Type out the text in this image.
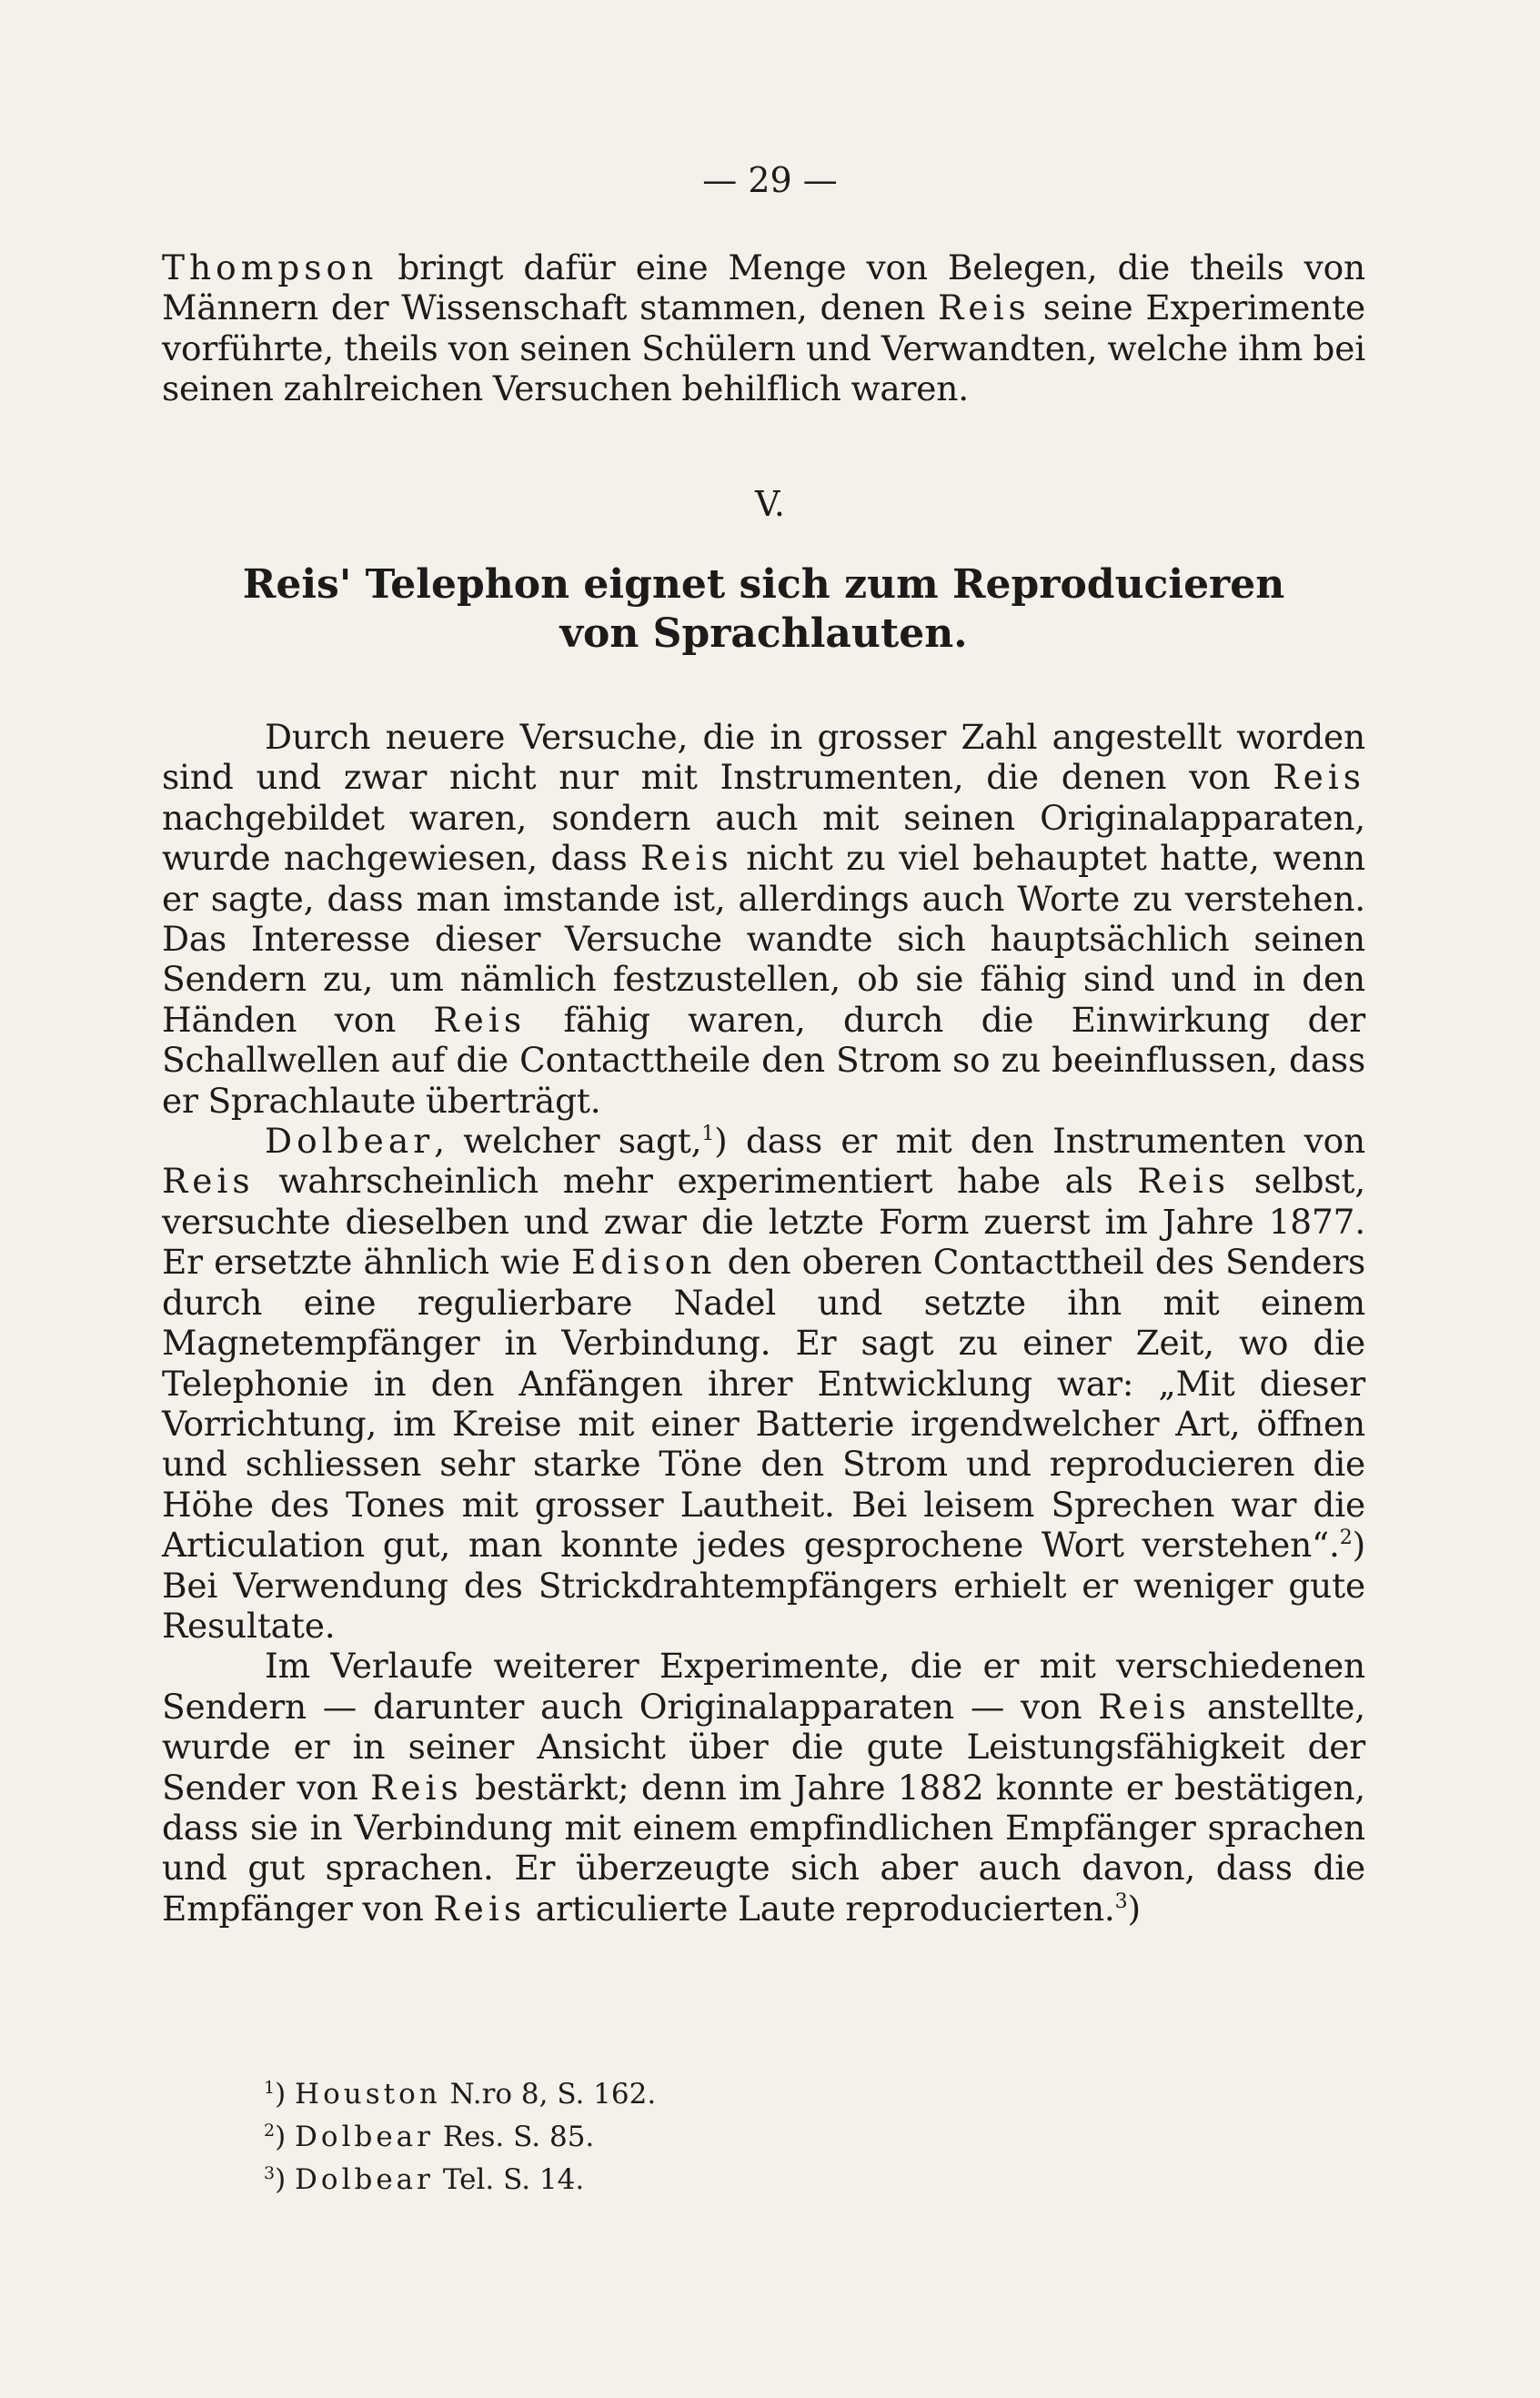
— 29 —

Thompson bringt dafür eine Menge von Belegen, die theils von Männern der Wissenschaft stammen, denen Reis seine Experimente vorführte, theils von seinen Schülern und Verwandten, welche ihm bei seinen zahlreichen Versuchen behilflich waren.

V.
Reis' Telephon eignet sich zum Reproducieren
von Sprachlauten.

Durch neuere Versuche, die in grosser Zahl angestellt worden sind und zwar nicht nur mit Instrumenten, die denen von Reis nachgebildet waren, sondern auch mit seinen Originalapparaten, wurde nachgewiesen, dass Reis nicht zu viel behauptet hatte, wenn er sagte, dass man imstande ist, allerdings auch Worte zu verstehen. Das Interesse dieser Versuche wandte sich hauptsächlich seinen Sendern zu, um nämlich festzustellen, ob sie fähig sind und in den Händen von Reis fähig waren, durch die Einwirkung der Schallwellen auf die Contacttheile den Strom so zu beeinflussen, dass er Sprachlaute überträgt.

Dolbear, welcher sagt,$^1$) dass er mit den Instrumenten von Reis wahrscheinlich mehr experimentiert habe als Reis selbst, versuchte dieselben und zwar die letzte Form zuerst im Jahre 1877. Er ersetzte ähnlich wie Edison den oberen Contacttheil des Senders durch eine regulierbare Nadel und setzte ihn mit einem Magnetempfänger in Verbindung. Er sagt zu einer Zeit, wo die Telephonie in den Anfängen ihrer Entwicklung war: „Mit dieser Vorrichtung, im Kreise mit einer Batterie irgendwelcher Art, öffnen und schliessen sehr starke Töne den Strom und reproducieren die Höhe des Tones mit grosser Lautheit. Bei leisem Sprechen war die Articulation gut, man konnte jedes gesprochene Wort verstehen“.$^2$) Bei Verwendung des Strickdrahtempfängers erhielt er weniger gute Resultate.

Im Verlaufe weiterer Experimente, die er mit verschiedenen Sendern — darunter auch Originalapparaten — von Reis anstellte, wurde er in seiner Ansicht über die gute Leistungsfähigkeit der Sender von Reis bestärkt; denn im Jahre 1882 konnte er bestätigen, dass sie in Verbindung mit einem empfindlichen Empfänger sprachen und gut sprachen. Er überzeugte sich aber auch davon, dass die Empfänger von Reis articulierte Laute reproducierten.$^3$)

$^1$) Houston N.ro 8, S. 162.
$^2$) Dolbear Res. S. 85.
$^3$) Dolbear Tel. S. 14.
